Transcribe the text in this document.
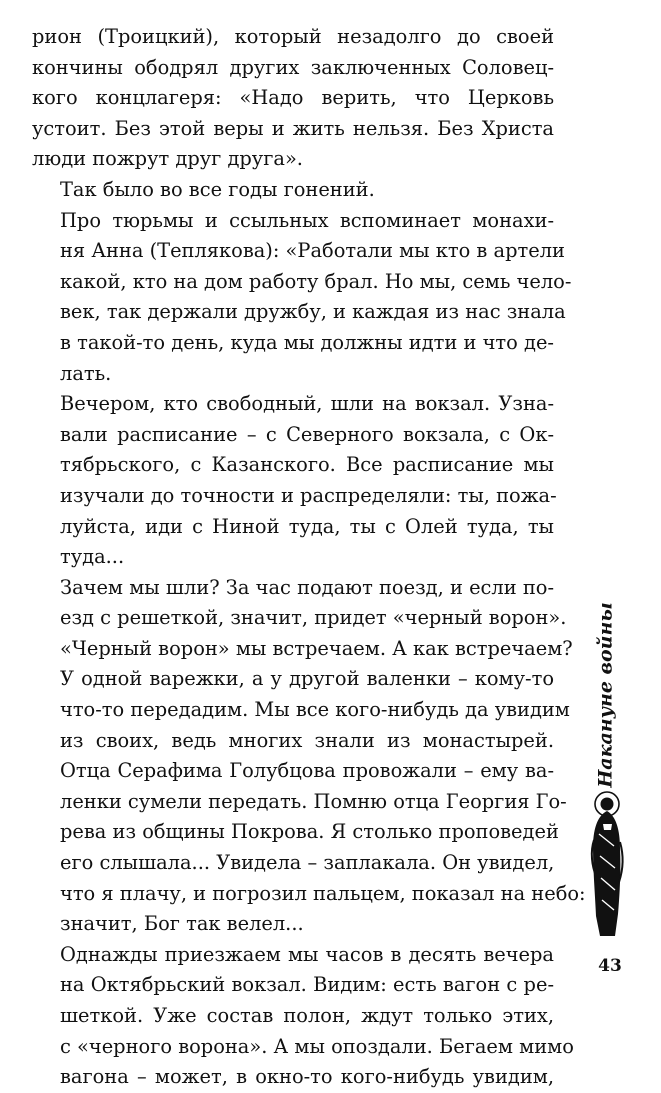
рион (Троицкий), который незадолго до своей
кончины ободрял других заключенных Соловец-
кого концлагеря: «Надо верить, что Церковь
устоит. Без этой веры и жить нельзя. Без Христа
люди пожрут друг друга».

Так было во все годы гонений.

Про тюрьмы и ссыльных вспоминает монахи-
ня Анна (Теплякова): «Работали мы кто в артели
какой, кто на дом работу брал. Но мы, семь чело-
век, так держали дружбу, и каждая из нас знала
в такой-то день, куда мы должны идти и что де-
лать.

Вечером, кто свободный, шли на вокзал. Узна-
вали расписание – с Северного вокзала, с Ок-
тябрьского, с Казанского. Все расписание мы
изучали до точности и распределяли: ты, пожа-
луйста, иди с Ниной туда, ты с Олей туда, ты
туда...

Зачем мы шли? За час подают поезд, и если по-
езд с решеткой, значит, придет «черный ворон».
«Черный ворон» мы встречаем. А как встречаем?

У одной варежки, а у другой валенки – кому-то
что-то передадим. Мы все кого-нибудь да увидим
из своих, ведь многих знали из монастырей.
Отца Серафима Голубцова провожали – ему ва-
ленки сумели передать. Помню отца Георгия Го-
рева из общины Покрова. Я столько проповедей
его слышала... Увидела – заплакала. Он увидел,
что я плачу, и погрозил пальцем, показал на небо:
значит, Бог так велел...

Однажды приезжаем мы часов в десять вечера
на Октябрьский вокзал. Видим: есть вагон с ре-
шеткой. Уже состав полон, ждут только этих,
с «черного ворона». А мы опоздали. Бегаем мимо
вагона – может, в окно-то кого-нибудь увидим,

Накануне войны
43
